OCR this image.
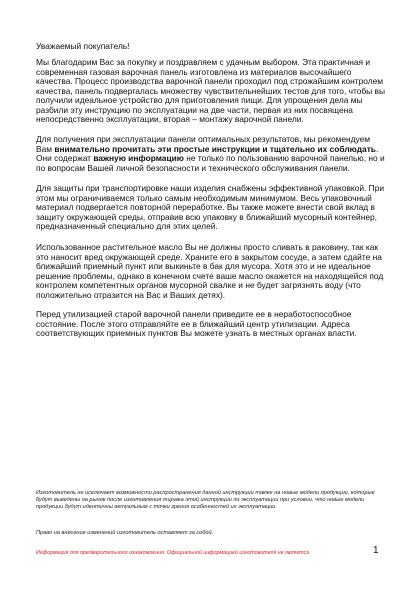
Уважаемый покупатель!

Мы благодарим Вас за покупку и поздравляем с удачным выбором. Эта практичная и современная газовая варочная панель изготовлена из материалов высочайшего качества. Процесс производства варочной панели проходил под строжайшим контролем качества, панель подвергалась множеству чувствительнейших тестов для того, чтобы вы получили идеальное устройство для приготовления пищи. Для упрощения дела мы разбили эту инструкцию по эксплуатации на две части, первая из них посвящена непосредственно эксплуатации, вторая – монтажу варочной панели.

Для получения при эксплуатации панели оптимальных результатов, мы рекомендуем Вам внимательно прочитать эти простые инструкции и тщательно их соблюдать. Они содержат важную информацию не только по пользованию варочной панелью, но и по вопросам Вашей личной безопасности и технического обслуживания панели.

Для защиты при транспортировке наши изделия снабжены эффективной упаковкой. При этом мы ограничиваемся только самым необходимым минимумом. Весь упаковочный материал подвергается повторной переработке. Вы также можете внести свой вклад в защиту окружающей среды, отправив всю упаковку в ближайший мусорный контейнер, предназначенный специально для этих целей.

Использованное растительное масло Вы не должны просто сливать в раковину, так как это наносит вред окружающей среде. Храните его в закрытом сосуде, а затем сдайте на ближайший приемный пункт или выкиньте в бак для мусора. Хотя это и не идеальное решение проблемы, однако в конечном счете ваше масло окажется на находящейся под контролем компетентных органов мусорной свалке и не будет загрязнять воду (что положительно отразится на Вас и Ваших детях).

Перед утилизацией старой варочной панели приведите ее в неработоспособное состояние. После этого отправляйте ее в ближайший центр утилизации. Адреса соответствующих приемных пунктов Вы можете узнать в местных органах власти.

Изготовитель не исключает возможности распространения данной инструкции также на новые модели продукции, которые будут выведены на рынок после изготовления тиража этой инструкции по эксплуатации при условии, что новые модели продукции будут идентичны актуальным с точки зрения особенностей их эксплуатации.

Право на внесение изменений изготовитель оставляет за собой.

Информация для предварительного ознакомления. Официальной информацией изготовителя не является.	1
